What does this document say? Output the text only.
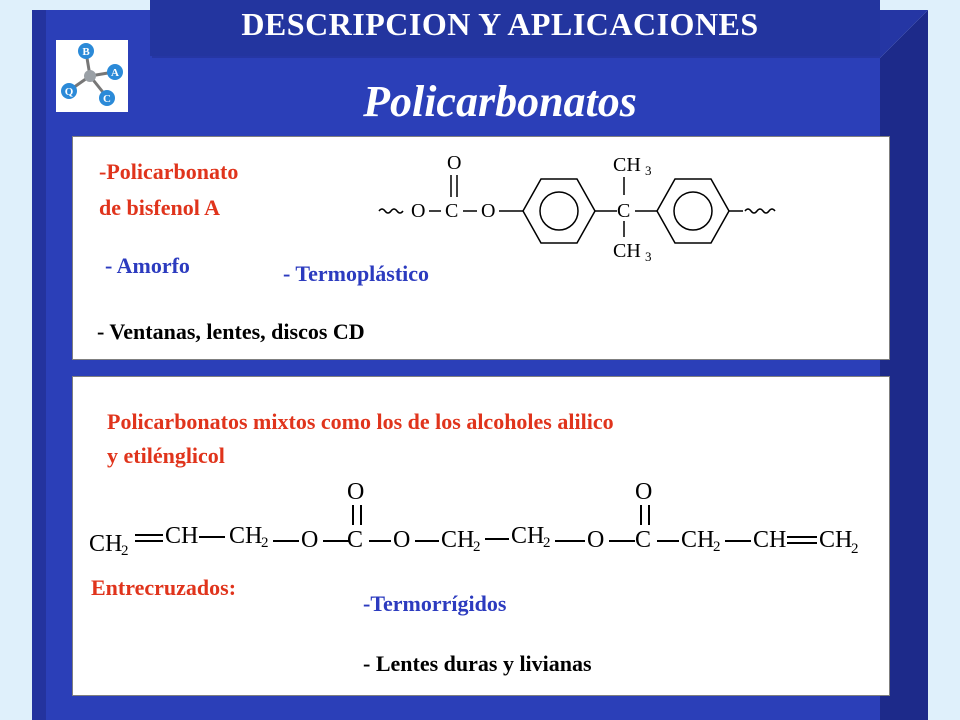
DESCRIPCION Y APLICACIONES
Policarbonatos
B
A
C
Q
-Policarbonato
de bisfenol A
- Amorfo	- Termoplástico
- Ventanas, lentes, discos CD
O C
O
O	C
CH 3
CH 3
Policarbonatos mixtos como los de los alcoholes alilico
y etilénglicol
Entrecruzados:
-Termorrígidos
- Lentes duras y livianas
CH
2
CH CH
2 O C
O
O CH
2 CH
2 O C
O
CH
2 CH CH
2
